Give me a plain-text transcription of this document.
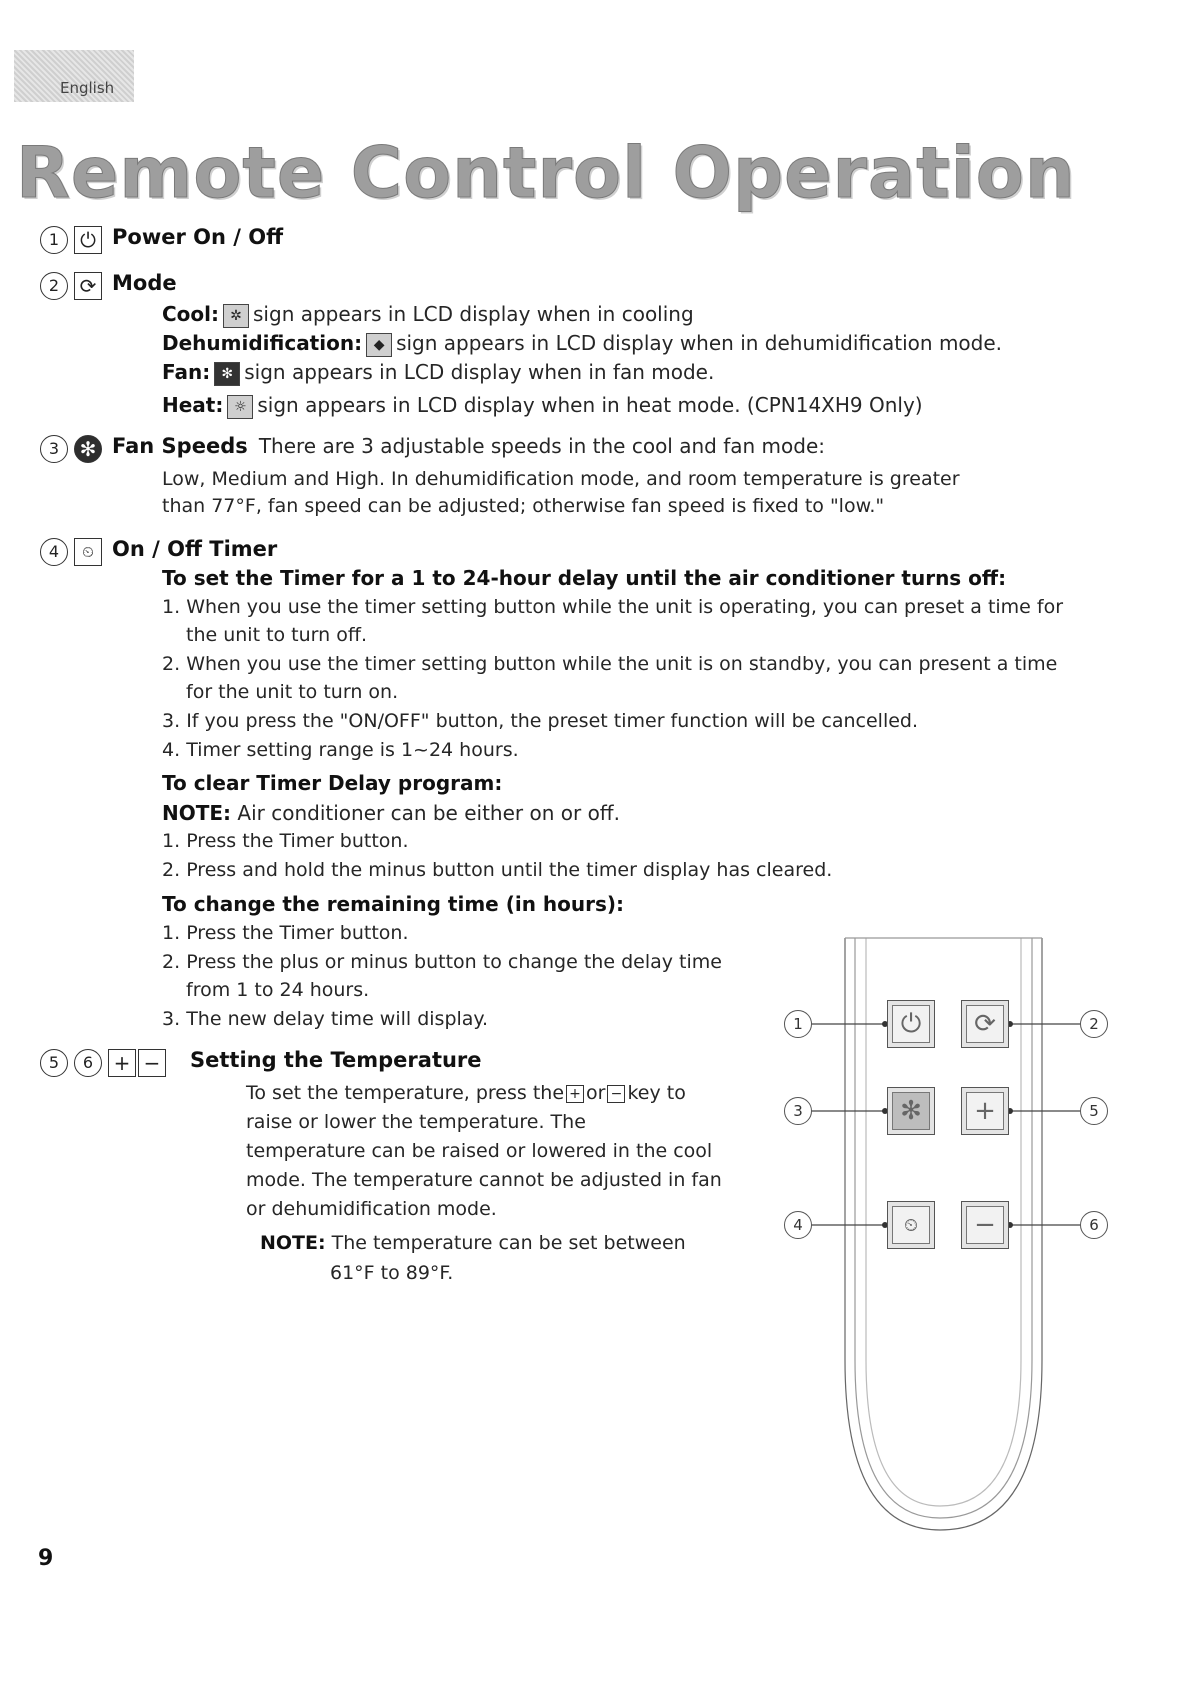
English
Remote Control Operation
1 ⏻ Power On / Off
2 ⟳ Mode
Cool: ✲ sign appears in LCD display when in cooling
Dehumidification: ◆ sign appears in LCD display when in dehumidification mode.
Fan: ✻ sign appears in LCD display when in fan mode.
Heat: ☼ sign appears in LCD display when in heat mode. (CPN14XH9 Only)
3 ✻ Fan Speeds There are 3 adjustable speeds in the cool and fan mode:
Low, Medium and High. In dehumidification mode, and room temperature is greater
than 77°F, fan speed can be adjusted; otherwise fan speed is fixed to "low."
4 ⏲ On / Off Timer
To set the Timer for a 1 to 24-hour delay until the air conditioner turns off:
1. When you use the timer setting button while the unit is operating, you can preset a time for
the unit to turn off.
2. When you use the timer setting button while the unit is on standby, you can present a time
for the unit to turn on.
3. If you press the "ON/OFF" button, the preset timer function will be cancelled.
4. Timer setting range is 1~24 hours.
To clear Timer Delay program:
NOTE: Air conditioner can be either on or off.
1. Press the Timer button.
2. Press and hold the minus button until the timer display has cleared.
To change the remaining time (in hours):
1. Press the Timer button.
2. Press the plus or minus button to change the delay time
from 1 to 24 hours.
3. The new delay time will display.
5 6 + − Setting the Temperature
To set the temperature, press the + or − key to
raise or lower the temperature. The
temperature can be raised or lowered in the cool
mode. The temperature cannot be adjusted in fan
or dehumidification mode.
NOTE: The temperature can be set between
61°F to 89°F.
1	2
3	5
4	6
⏻	⟳
✻	+
⏲	−
9
